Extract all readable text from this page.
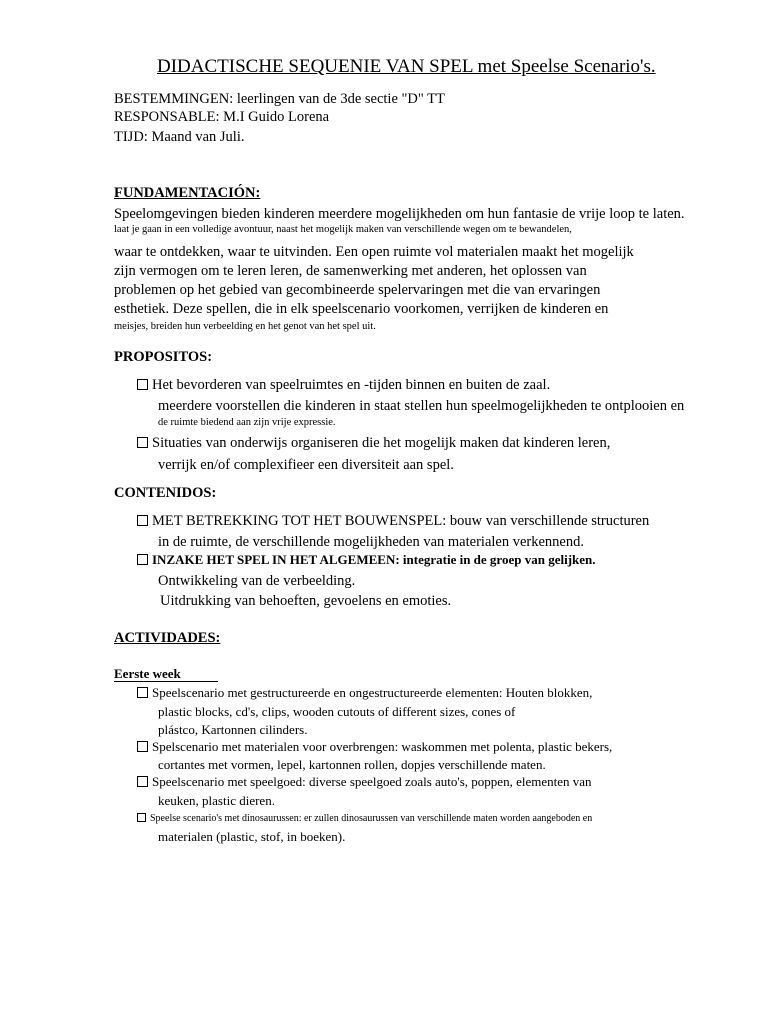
DIDACTISCHE SEQUENIE VAN SPEL met Speelse Scenario's.
BESTEMMINGEN: leerlingen van de 3de sectie "D" TT
RESPONSABLE: M.I Guido Lorena
TIJD: Maand van Juli.
FUNDAMENTACIÓN:
Speelomgevingen bieden kinderen meerdere mogelijkheden om hun fantasie de vrije loop te laten.
laat je gaan in een volledige avontuur, naast het mogelijk maken van verschillende wegen om te bewandelen,
waar te ontdekken, waar te uitvinden. Een open ruimte vol materialen maakt het mogelijk
zijn vermogen om te leren leren, de samenwerking met anderen, het oplossen van
problemen op het gebied van gecombineerde spelervaringen met die van ervaringen
esthetiek. Deze spellen, die in elk speelscenario voorkomen, verrijken de kinderen en
meisjes, breiden hun verbeelding en het genot van het spel uit.
PROPOSITOS:
Het bevorderen van speelruimtes en -tijden binnen en buiten de zaal.
meerdere voorstellen die kinderen in staat stellen hun speelmogelijkheden te ontplooien en
de ruimte biedend aan zijn vrije expressie.
Situaties van onderwijs organiseren die het mogelijk maken dat kinderen leren,
verrijk en/of complexifieer een diversiteit aan spel.
CONTENIDOS:
MET BETREKKING TOT HET BOUWENSPEL: bouw van verschillende structuren
in de ruimte, de verschillende mogelijkheden van materialen verkennend.
INZAKE HET SPEL IN HET ALGEMEEN: integratie in de groep van gelijken.
Ontwikkeling van de verbeelding.
Uitdrukking van behoeften, gevoelens en emoties.
ACTIVIDADES:
Eerste week
Speelscenario met gestructureerde en ongestructureerde elementen: Houten blokken,
plastic blocks, cd's, clips, wooden cutouts of different sizes, cones of
plástco, Kartonnen cilinders.
Spelscenario met materialen voor overbrengen: waskommen met polenta, plastic bekers,
cortantes met vormen, lepel, kartonnen rollen, dopjes verschillende maten.
Speelscenario met speelgoed: diverse speelgoed zoals auto's, poppen, elementen van
keuken, plastic dieren.
Speelse scenario's met dinosaurussen: er zullen dinosaurussen van verschillende maten worden aangeboden en
materialen (plastic, stof, in boeken).
